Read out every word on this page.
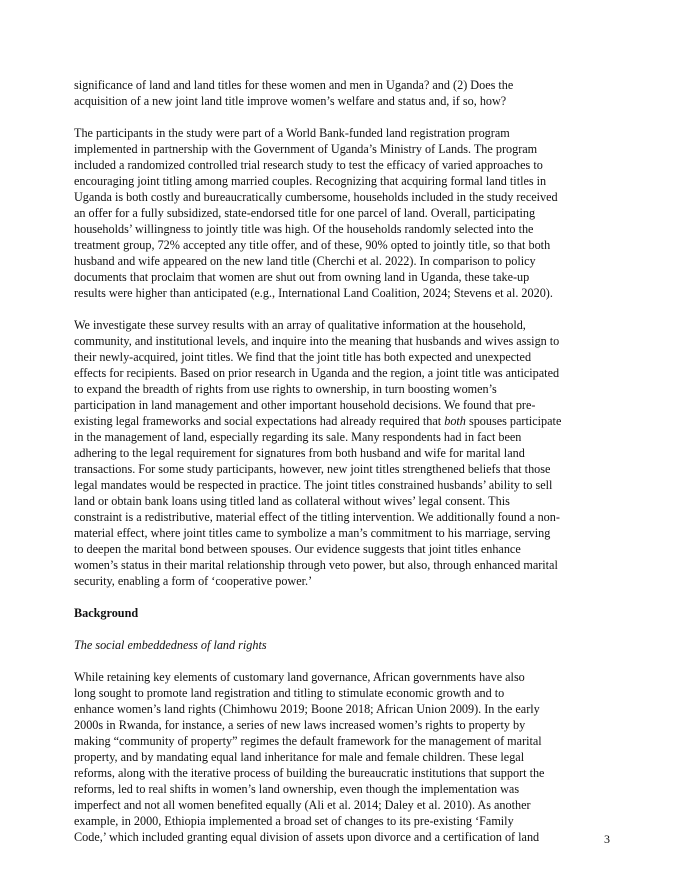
significance of land and land titles for these women and men in Uganda? and (2) Does the
acquisition of a new joint land title improve women’s welfare and status and, if so, how?

The participants in the study were part of a World Bank-funded land registration program
implemented in partnership with the Government of Uganda’s Ministry of Lands. The program
included a randomized controlled trial research study to test the efficacy of varied approaches to
encouraging joint titling among married couples. Recognizing that acquiring formal land titles in
Uganda is both costly and bureaucratically cumbersome, households included in the study received
an offer for a fully subsidized, state-endorsed title for one parcel of land. Overall, participating
households’ willingness to jointly title was high. Of the households randomly selected into the
treatment group, 72% accepted any title offer, and of these, 90% opted to jointly title, so that both
husband and wife appeared on the new land title (Cherchi et al. 2022). In comparison to policy
documents that proclaim that women are shut out from owning land in Uganda, these take-up
results were higher than anticipated (e.g., International Land Coalition, 2024; Stevens et al. 2020).

We investigate these survey results with an array of qualitative information at the household,
community, and institutional levels, and inquire into the meaning that husbands and wives assign to
their newly-acquired, joint titles. We find that the joint title has both expected and unexpected
effects for recipients. Based on prior research in Uganda and the region, a joint title was anticipated
to expand the breadth of rights from use rights to ownership, in turn boosting women’s
participation in land management and other important household decisions. We found that pre-
existing legal frameworks and social expectations had already required that both spouses participate
in the management of land, especially regarding its sale. Many respondents had in fact been
adhering to the legal requirement for signatures from both husband and wife for marital land
transactions. For some study participants, however, new joint titles strengthened beliefs that those
legal mandates would be respected in practice. The joint titles constrained husbands’ ability to sell
land or obtain bank loans using titled land as collateral without wives’ legal consent. This
constraint is a redistributive, material effect of the titling intervention. We additionally found a non-
material effect, where joint titles came to symbolize a man’s commitment to his marriage, serving
to deepen the marital bond between spouses. Our evidence suggests that joint titles enhance
women’s status in their marital relationship through veto power, but also, through enhanced marital
security, enabling a form of ‘cooperative power.’

Background
The social embeddedness of land rights

While retaining key elements of customary land governance, African governments have also
long sought to promote land registration and titling to stimulate economic growth and to
enhance women’s land rights (Chimhowu 2019; Boone 2018; African Union 2009). In the early
2000s in Rwanda, for instance, a series of new laws increased women’s rights to property by
making “community of property” regimes the default framework for the management of marital
property, and by mandating equal land inheritance for male and female children. These legal
reforms, along with the iterative process of building the bureaucratic institutions that support the
reforms, led to real shifts in women’s land ownership, even though the implementation was
imperfect and not all women benefited equally (Ali et al. 2014; Daley et al. 2010). As another
example, in 2000, Ethiopia implemented a broad set of changes to its pre-existing ‘Family
Code,’ which included granting equal division of assets upon divorce and a certification of land	3
